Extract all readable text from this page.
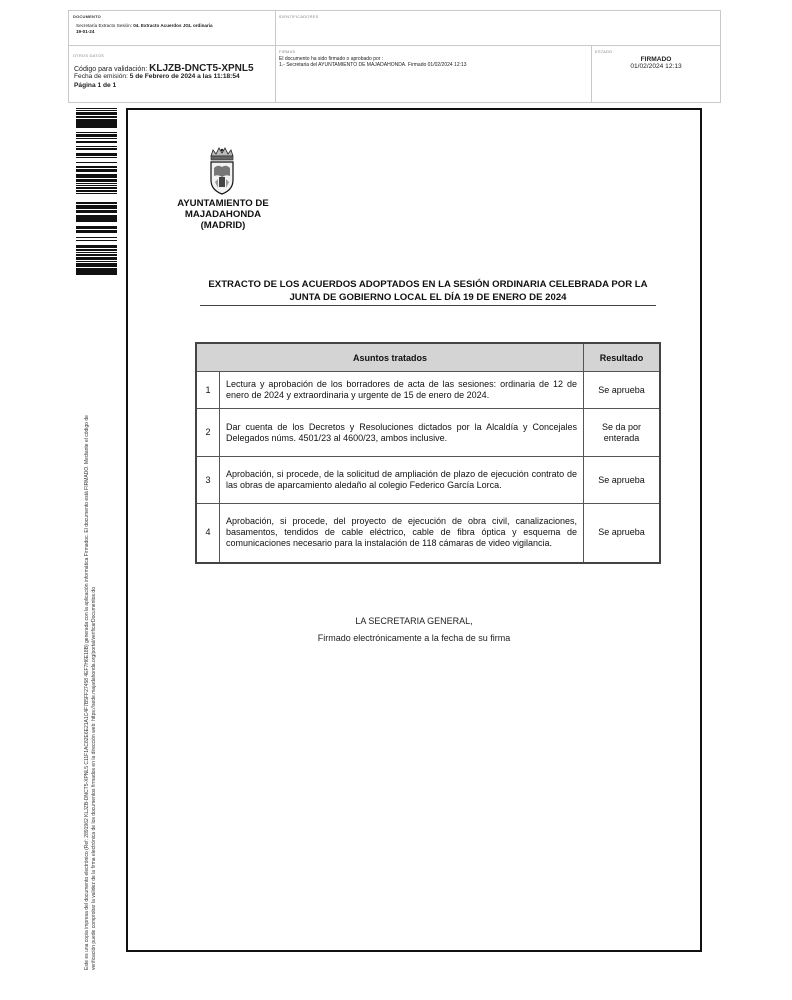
DOCUMENTO
Secretaría Extracto Sesión: 04. Extracto Acuerdos JGL ordinaria
19-01-24
IDENTIFICADORES
OTROS DATOS
Código para validación: KLJZB-DNCT5-XPNL5
Fecha de emisión: 5 de Febrero de 2024 a las 11:18:54
Página 1 de 1
FIRMAS
El documento ha sido firmado o aprobado por :
1.- Secretaria del AYUNTAMIENTO DE MAJADAHONDA. Firmado 01/02/2024 12:13
ESTADO
FIRMADO
01/02/2024 12:13
Este es una copia impresa del documento electrónico (Ref: 2891962 KLJZB-DNCT5-XPNL5 C11F1AC82E6E21A1C4F7B5FF27458 4EF7H6E18B) generada con la aplicación informática Firmadoc. El documento está FIRMADO. Mediante el código de verificación puede comprobar la validez de la firma electrónica de los documentos firmados en la dirección web: https://sede.majadahonda.org/portal/verificarDocumentos.do
AYUNTAMIENTO DE
MAJADAHONDA
(MADRID)
EXTRACTO DE LOS ACUERDOS ADOPTADOS EN LA SESIÓN ORDINARIA CELEBRADA POR LA
JUNTA DE GOBIERNO LOCAL EL DÍA 19 DE ENERO DE 2024
Asuntos tratados		Resultado
1	Lectura y aprobación de los borradores de acta de las sesiones: ordinaria de 12 de enero de 2024 y extraordinaria y urgente de 15 de enero de 2024.	Se aprueba
2	Dar cuenta de los Decretos y Resoluciones dictados por la Alcaldía y Concejales Delegados núms. 4501/23 al 4600/23, ambos inclusive.	Se da por enterada
3	Aprobación, si procede, de la solicitud de ampliación de plazo de ejecución contrato de las obras de aparcamiento aledaño al colegio Federico García Lorca.	Se aprueba
4	Aprobación, si procede, del proyecto de ejecución de obra civil, canalizaciones, basamentos, tendidos de cable eléctrico, cable de fibra óptica y esquema de comunicaciones necesario para la instalación de 118 cámaras de video vigilancia.	Se aprueba
LA SECRETARIA GENERAL,
Firmado electrónicamente a la fecha de su firma
